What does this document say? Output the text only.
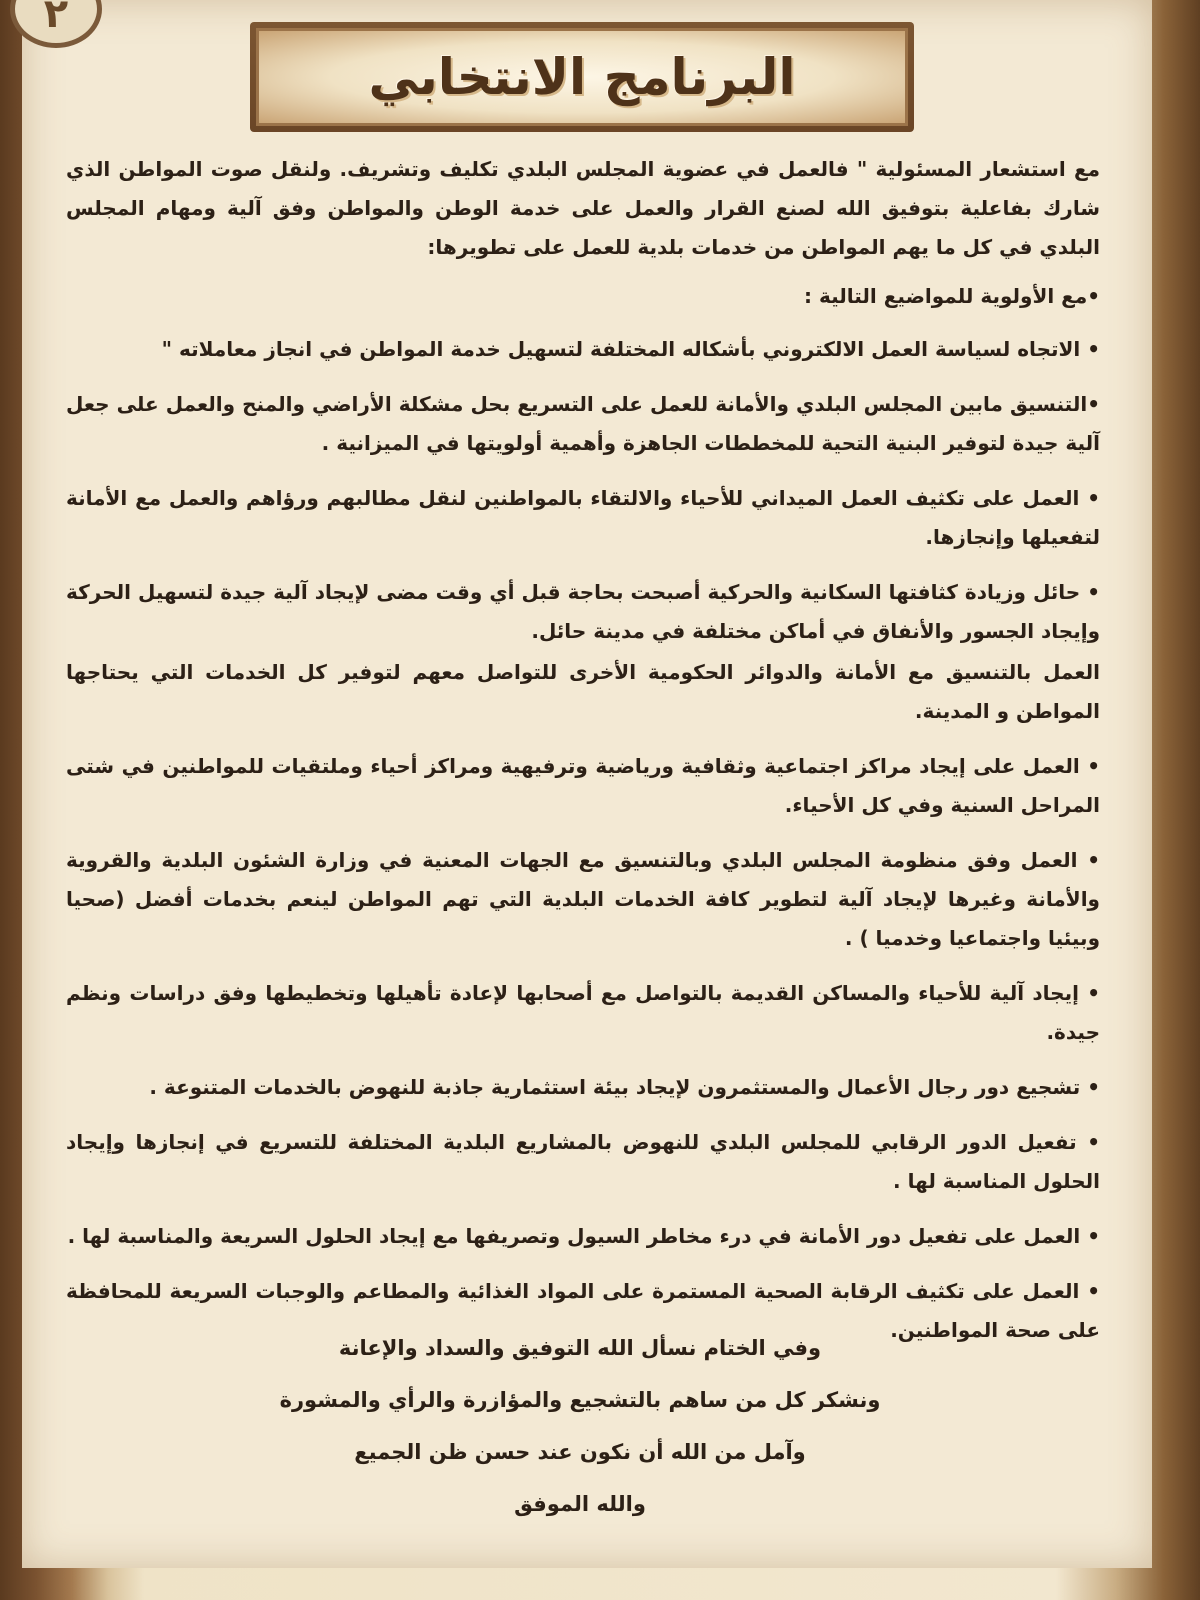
٢
البرنامج الانتخابي

مع استشعار المسئولية " فالعمل في عضوية المجلس البلدي تكليف وتشريف. ولنقل صوت المواطن الذي شارك بفاعلية بتوفيق الله لصنع القرار والعمل على خدمة الوطن والمواطن وفق آلية ومهام المجلس البلدي في كل ما يهم المواطن من خدمات بلدية للعمل على تطويرها:

•مع الأولوية للمواضيع التالية :

• الاتجاه لسياسة العمل الالكتروني بأشكاله المختلفة لتسهيل خدمة المواطن في انجاز معاملاته "

•التنسيق مابين المجلس البلدي والأمانة للعمل على التسريع بحل مشكلة الأراضي والمنح والعمل على جعل آلية جيدة لتوفير البنية التحية للمخططات الجاهزة وأهمية أولويتها في الميزانية .

• العمل على تكثيف العمل الميداني للأحياء والالتقاء بالمواطنين لنقل مطالبهم ورؤاهم والعمل مع الأمانة لتفعيلها وإنجازها.

• حائل وزيادة كثافتها السكانية والحركية أصبحت بحاجة قبل أي وقت مضى لإيجاد آلية جيدة لتسهيل الحركة وإيجاد الجسور والأنفاق في أماكن مختلفة في مدينة حائل.

العمل بالتنسيق مع الأمانة والدوائر الحكومية الأخرى للتواصل معهم لتوفير كل الخدمات التي يحتاجها المواطن و المدينة.

• العمل على إيجاد مراكز اجتماعية وثقافية ورياضية وترفيهية ومراكز أحياء وملتقيات للمواطنين في شتى المراحل السنية وفي كل الأحياء.

• العمل وفق منظومة المجلس البلدي وبالتنسيق مع الجهات المعنية في وزارة الشئون البلدية والقروية والأمانة وغيرها لإيجاد آلية لتطوير كافة الخدمات البلدية التي تهم المواطن لينعم بخدمات أفضل (صحيا وبيئيا واجتماعيا وخدميا ) .

• إيجاد آلية للأحياء والمساكن القديمة بالتواصل مع أصحابها لإعادة تأهيلها وتخطيطها وفق دراسات ونظم جيدة.

• تشجيع دور رجال الأعمال والمستثمرون لإيجاد بيئة استثمارية جاذبة للنهوض بالخدمات المتنوعة .

• تفعيل الدور الرقابي للمجلس البلدي للنهوض بالمشاريع البلدية المختلفة للتسريع في إنجازها وإيجاد الحلول المناسبة لها .

• العمل على تفعيل دور الأمانة في درء مخاطر السيول وتصريفها مع إيجاد الحلول السريعة والمناسبة لها .

• العمل على تكثيف الرقابة الصحية المستمرة على المواد الغذائية والمطاعم والوجبات السريعة للمحافظة على صحة المواطنين.

وفي الختام نسأل الله التوفيق والسداد والإعانة

ونشكر كل من ساهم بالتشجيع والمؤازرة والرأي والمشورة

وآمل من الله أن نكون عند حسن ظن الجميع

والله الموفق
